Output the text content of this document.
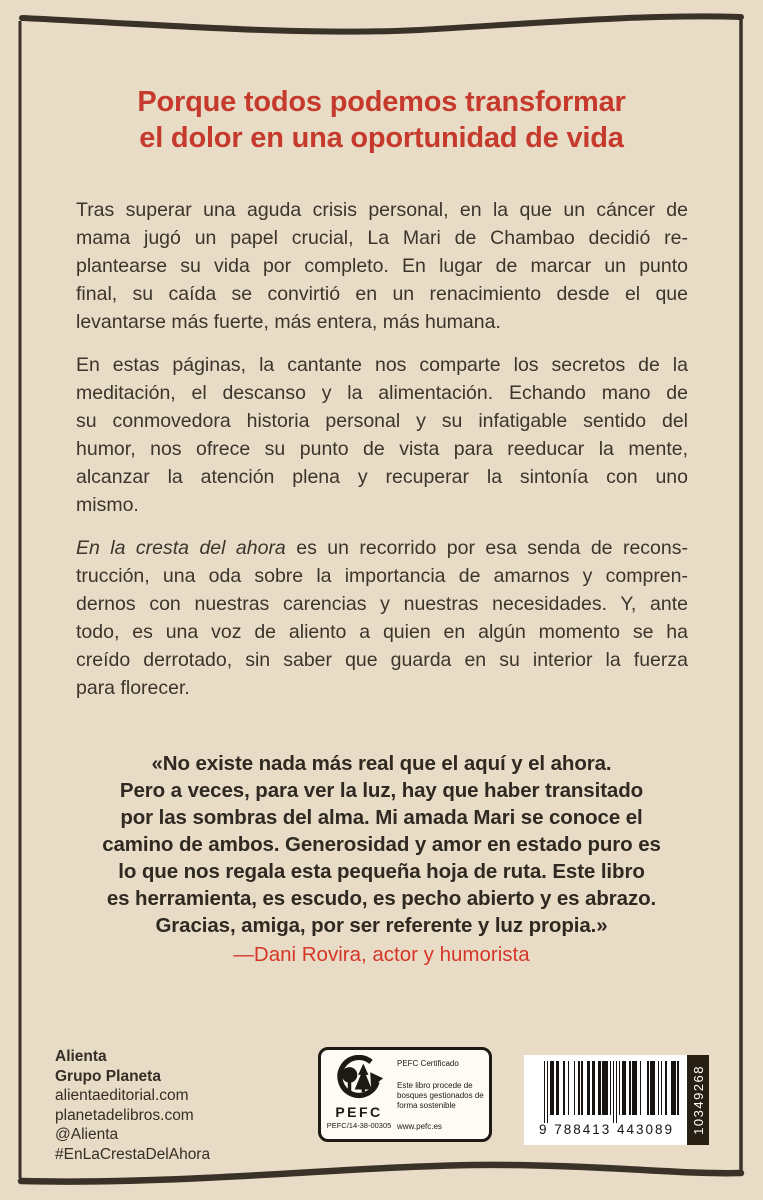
Porque todos podemos transformar
el dolor en una oportunidad de vida
Tras superar una aguda crisis personal, en la que un cáncer de
mama jugó un papel crucial, La Mari de Chambao decidió re-
plantearse su vida por completo. En lugar de marcar un punto
final, su caída se convirtió en un renacimiento desde el que
levantarse más fuerte, más entera, más humana.
En estas páginas, la cantante nos comparte los secretos de la
meditación, el descanso y la alimentación. Echando mano de
su conmovedora historia personal y su infatigable sentido del
humor, nos ofrece su punto de vista para reeducar la mente,
alcanzar la atención plena y recuperar la sintonía con uno
mismo.
En la cresta del ahora es un recorrido por esa senda de recons-
trucción, una oda sobre la importancia de amarnos y compren-
dernos con nuestras carencias y nuestras necesidades. Y, ante
todo, es una voz de aliento a quien en algún momento se ha
creído derrotado, sin saber que guarda en su interior la fuerza
para florecer.
«No existe nada más real que el aquí y el ahora.
Pero a veces, para ver la luz, hay que haber transitado
por las sombras del alma. Mi amada Mari se conoce el
camino de ambos. Generosidad y amor en estado puro es
lo que nos regala esta pequeña hoja de ruta. Este libro
es herramienta, es escudo, es pecho abierto y es abrazo.
Gracias, amiga, por ser referente y luz propia.»
—Dani Rovira, actor y humorista
Alienta
Grupo Planeta
alientaeditorial.com
planetadelibros.com
@Alienta
#EnLaCrestaDelAhora
PEFC
PEFC/14-38-00305
PEFC Certificado
Este libro procede de bosques gestionados de forma sostenible
www.pefc.es	9 788413 443089 10349268
